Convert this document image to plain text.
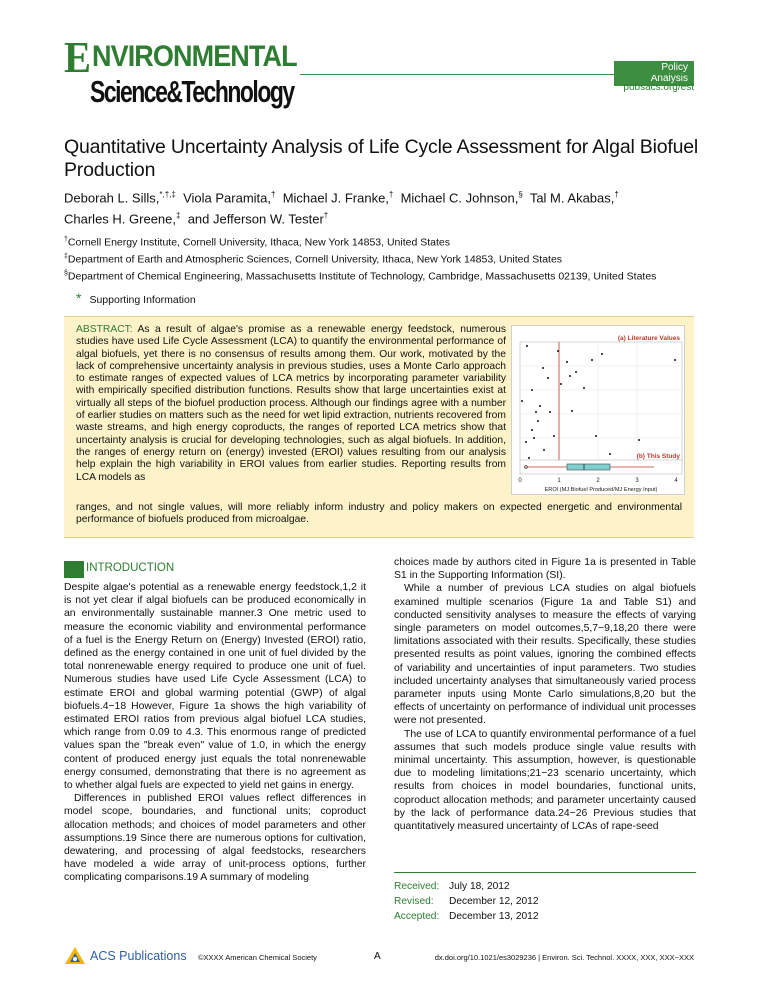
E NVIRONMENTAL
Science&Technology
Policy Analysis
pubsacs.org/est
Quantitative Uncertainty Analysis of Life Cycle Assessment for Algal Biofuel Production
Deborah L. Sills,*,†,‡ Viola Paramita,† Michael J. Franke,† Michael C. Johnson,§ Tal M. Akabas,†
Charles H. Greene,‡ and Jefferson W. Tester†
†Cornell Energy Institute, Cornell University, Ithaca, New York 14853, United States
‡Department of Earth and Atmospheric Sciences, Cornell University, Ithaca, New York 14853, United States
§Department of Chemical Engineering, Massachusetts Institute of Technology, Cambridge, Massachusetts 02139, United States
* Supporting Information
ABSTRACT: As a result of algae's promise as a renewable energy feedstock, numerous studies have used Life Cycle Assessment (LCA) to quantify the environmental performance of algal biofuels, yet there is no consensus of results among them. Our work, motivated by the lack of comprehensive uncertainty analysis in previous studies, uses a Monte Carlo approach to estimate ranges of expected values of LCA metrics by incorporating parameter variability with empirically specified distribution functions. Results show that large uncertainties exist at virtually all steps of the biofuel production process. Although our findings agree with a number of earlier studies on matters such as the need for wet lipid extraction, nutrients recovered from waste streams, and high energy coproducts, the ranges of reported LCA metrics show that uncertainty analysis is crucial for developing technologies, such as algal biofuels. In addition, the ranges of energy return on (energy) invested (EROI) values resulting from our analysis help explain the high variability in EROI values from earlier studies. Reporting results from LCA models as
ranges, and not single values, will more reliably inform industry and policy makers on expected energetic and environmental performance of biofuels produced from microalgae.
(a) Literature Values
(b) This Study
0	1	2	3	4
EROI (MJ Biofuel Produced/MJ Energy Input)
INTRODUCTION

Despite algae's potential as a renewable energy feedstock,1,2 it is not yet clear if algal biofuels can be produced economically in an environmentally sustainable manner.3 One metric used to measure the economic viability and environmental performance of a fuel is the Energy Return on (Energy) Invested (EROI) ratio, defined as the energy contained in one unit of fuel divided by the total nonrenewable energy required to produce one unit of fuel. Numerous studies have used Life Cycle Assessment (LCA) to estimate EROI and global warming potential (GWP) of algal biofuels.4−18 However, Figure 1a shows the high variability of estimated EROI ratios from previous algal biofuel LCA studies, which range from 0.09 to 4.3. This enormous range of predicted values span the "break even" value of 1.0, in which the energy content of produced energy just equals the total nonrenewable energy consumed, demonstrating that there is no agreement as to whether algal fuels are expected to yield net gains in energy.

Differences in published EROI values reflect differences in model scope, boundaries, and functional units; coproduct allocation methods; and choices of model parameters and other assumptions.19 Since there are numerous options for cultivation, dewatering, and processing of algal feedstocks, researchers have modeled a wide array of unit-process options, further complicating comparisons.19 A summary of modeling

choices made by authors cited in Figure 1a is presented in Table S1 in the Supporting Information (SI).

While a number of previous LCA studies on algal biofuels examined multiple scenarios (Figure 1a and Table S1) and conducted sensitivity analyses to measure the effects of varying single parameters on model outcomes,5,7−9,18,20 there were limitations associated with their results. Specifically, these studies presented results as point values, ignoring the combined effects of variability and uncertainties of input parameters. Two studies included uncertainty analyses that simultaneously varied process parameter inputs using Monte Carlo simulations,8,20 but the effects of uncertainty on performance of individual unit processes were not presented.

The use of LCA to quantify environmental performance of a fuel assumes that such models produce single value results with minimal uncertainty. This assumption, however, is questionable due to modeling limitations;21−23 scenario uncertainty, which results from choices in model boundaries, functional units, coproduct allocation methods; and parameter uncertainty caused by the lack of performance data.24−26 Previous studies that quantitatively measured uncertainty of LCAs of rape-seed

Received: July 18, 2012
Revised:	December 12, 2012
Accepted: December 13, 2012
ACS Publications ©XXXX American Chemical Society	A	dx.doi.org/10.1021/es3029236 | Environ. Sci. Technol. XXXX, XXX, XXX−XXX
